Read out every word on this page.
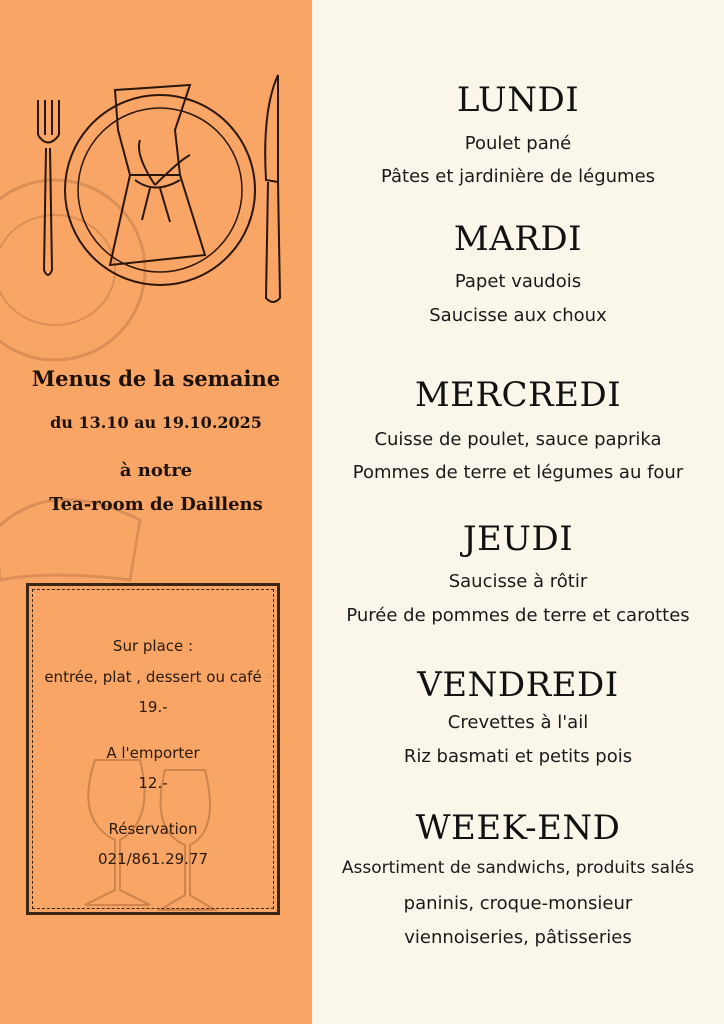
Menus de la semaine
du 13.10 au 19.10.2025
à notre
Tea-room de Daillens
Sur place :
entrée, plat , dessert ou café
19.-
A l'emporter
12.-
Réservation
021/861.29.77
LUNDI
Poulet pané
Pâtes et jardinière de légumes
MARDI
Papet vaudois
Saucisse aux choux
MERCREDI
Cuisse de poulet, sauce paprika
Pommes de terre et légumes au four
JEUDI
Saucisse à rôtir
Purée de pommes de terre et carottes
VENDREDI
Crevettes à l'ail
Riz basmati et petits pois
WEEK-END
Assortiment de sandwichs, produits salés
paninis, croque-monsieur
viennoiseries, pâtisseries
